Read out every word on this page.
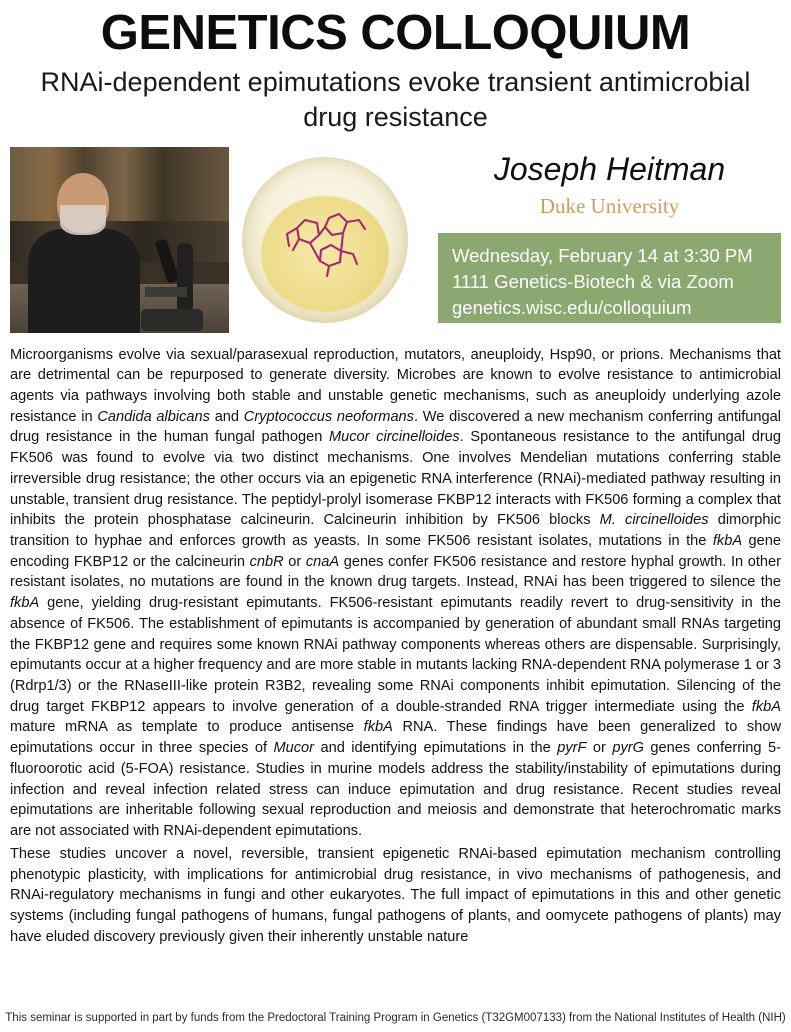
GENETICS COLLOQUIUM
RNAi-dependent epimutations evoke transient antimicrobial drug resistance
Joseph Heitman
Duke University
Wednesday, February 14 at 3:30 PM
1111 Genetics-Biotech & via Zoom
genetics.wisc.edu/colloquium

Microorganisms evolve via sexual/parasexual reproduction, mutators, aneuploidy, Hsp90, or prions. Mechanisms that are detrimental can be repurposed to generate diversity. Microbes are known to evolve resistance to antimicrobial agents via pathways involving both stable and unstable genetic mechanisms, such as aneuploidy underlying azole resistance in Candida albicans and Cryptococcus neoformans. We discovered a new mechanism conferring antifungal drug resistance in the human fungal pathogen Mucor circinelloides. Spontaneous resistance to the antifungal drug FK506 was found to evolve via two distinct mechanisms. One involves Mendelian mutations conferring stable irreversible drug resistance; the other occurs via an epigenetic RNA interference (RNAi)-mediated pathway resulting in unstable, transient drug resistance. The peptidyl-prolyl isomerase FKBP12 interacts with FK506 forming a complex that inhibits the protein phosphatase calcineurin. Calcineurin inhibition by FK506 blocks M. circinelloides dimorphic transition to hyphae and enforces growth as yeasts. In some FK506 resistant isolates, mutations in the fkbA gene encoding FKBP12 or the calcineurin cnbR or cnaA genes confer FK506 resistance and restore hyphal growth. In other resistant isolates, no mutations are found in the known drug targets. Instead, RNAi has been triggered to silence the fkbA gene, yielding drug-resistant epimutants. FK506-resistant epimutants readily revert to drug-sensitivity in the absence of FK506. The establishment of epimutants is accompanied by generation of abundant small RNAs targeting the FKBP12 gene and requires some known RNAi pathway components whereas others are dispensable. Surprisingly, epimutants occur at a higher frequency and are more stable in mutants lacking RNA-dependent RNA polymerase 1 or 3 (Rdrp1/3) or the RNaseIII-like protein R3B2, revealing some RNAi components inhibit epimutation. Silencing of the drug target FKBP12 appears to involve generation of a double-stranded RNA trigger intermediate using the fkbA mature mRNA as template to produce antisense fkbA RNA. These findings have been generalized to show epimutations occur in three species of Mucor and identifying epimutations in the pyrF or pyrG genes conferring 5-fluoroorotic acid (5-FOA) resistance. Studies in murine models address the stability/instability of epimutations during infection and reveal infection related stress can induce epimutation and drug resistance. Recent studies reveal epimutations are inheritable following sexual reproduction and meiosis and demonstrate that heterochromatic marks are not associated with RNAi-dependent epimutations.

These studies uncover a novel, reversible, transient epigenetic RNAi-based epimutation mechanism controlling phenotypic plasticity, with implications for antimicrobial drug resistance, in vivo mechanisms of pathogenesis, and RNAi-regulatory mechanisms in fungi and other eukaryotes. The full impact of epimutations in this and other genetic systems (including fungal pathogens of humans, fungal pathogens of plants, and oomycete pathogens of plants) may have eluded discovery previously given their inherently unstable nature

This seminar is supported in part by funds from the Predoctoral Training Program in Genetics (T32GM007133) from the National Institutes of Health (NIH)
